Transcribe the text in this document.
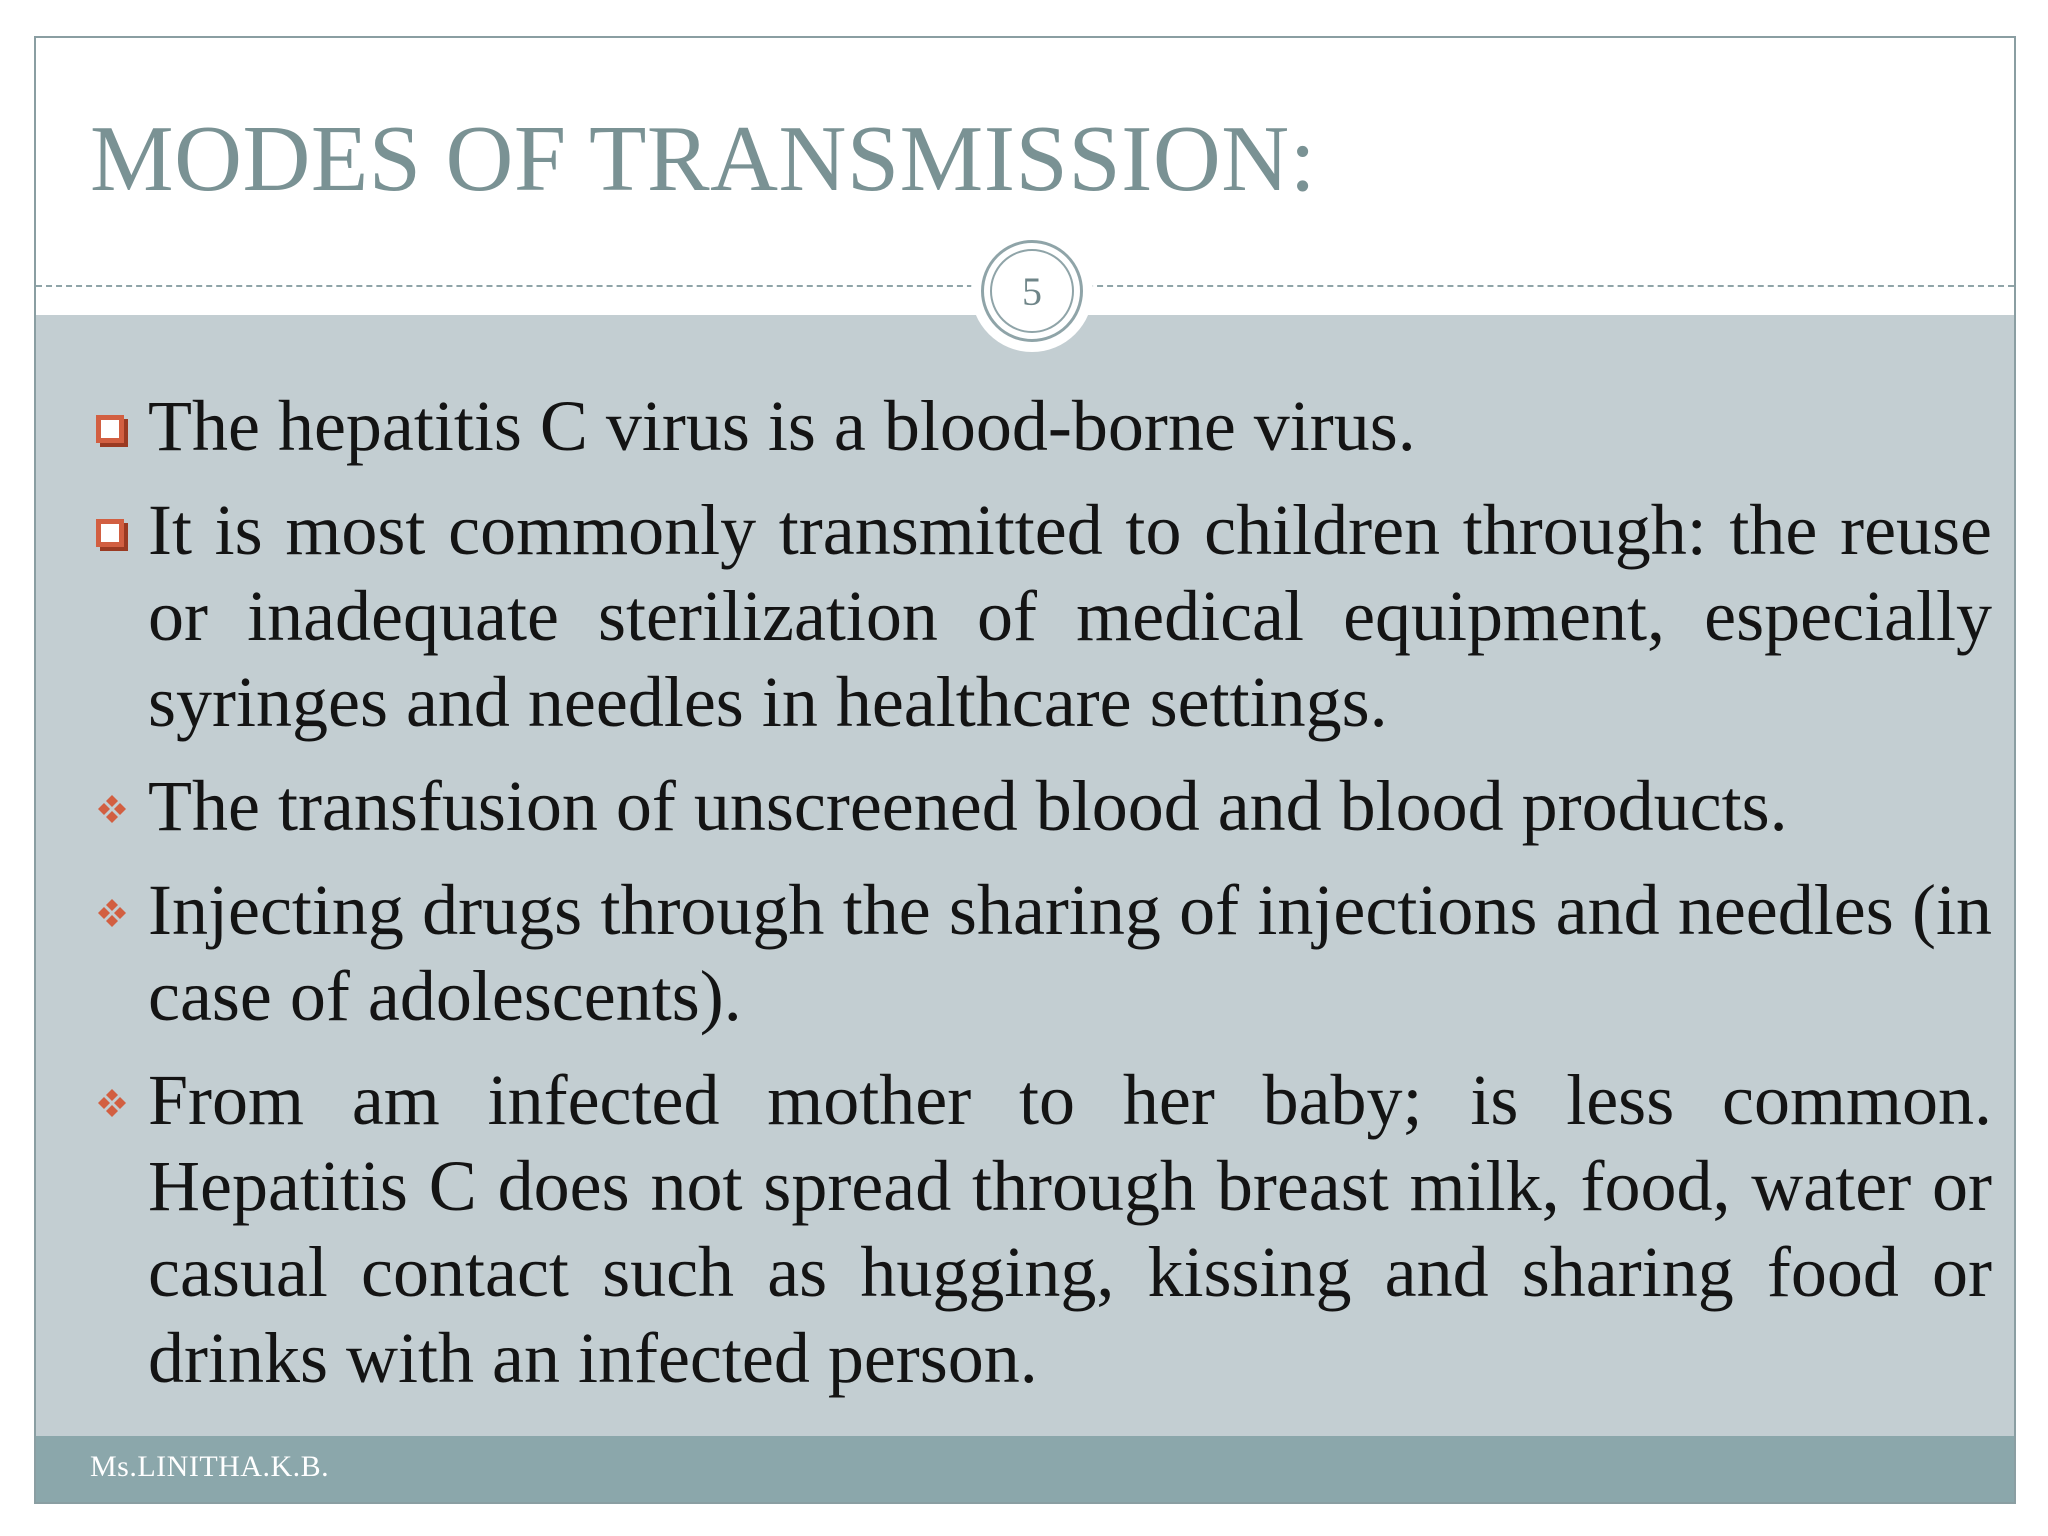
MODES OF TRANSMISSION:
5
The hepatitis C virus is a blood-borne virus.
It is most commonly transmitted to children through: the reuse or inadequate sterilization of medical equipment, especially syringes and needles in healthcare settings.
The transfusion of unscreened blood and blood products.
Injecting drugs through the sharing of injections and needles (in case of adolescents).
From am infected mother to her baby; is less common. Hepatitis C does not spread through breast milk, food, water or casual contact such as hugging, kissing and sharing food or drinks with an infected person.
Ms.LINITHA.K.B.
